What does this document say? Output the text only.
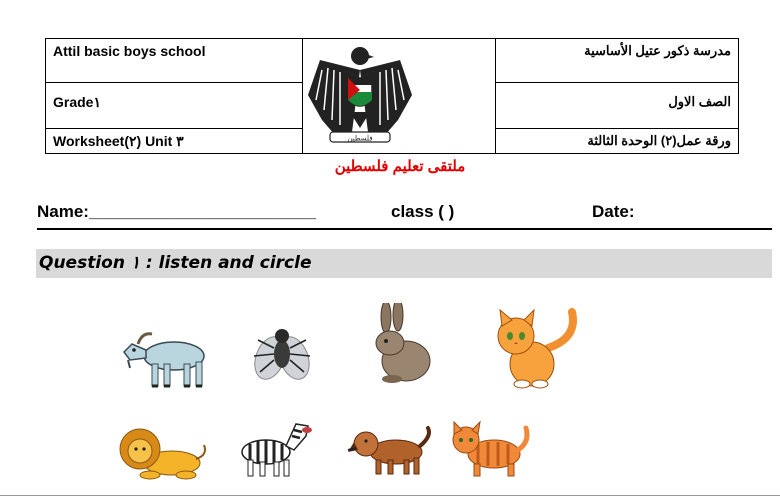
Attil basic boys school
Grade١
Worksheet(٢) Unit ٣
مدرسة ذكور عتيل الأساسية
الصف الاول
ورقة عمل(٢) الوحدة الثالثة
فلسطين
ملتقى تعليم فلسطين
Name:________________________	class ( )	Date:
Question ١ : listen and circle
